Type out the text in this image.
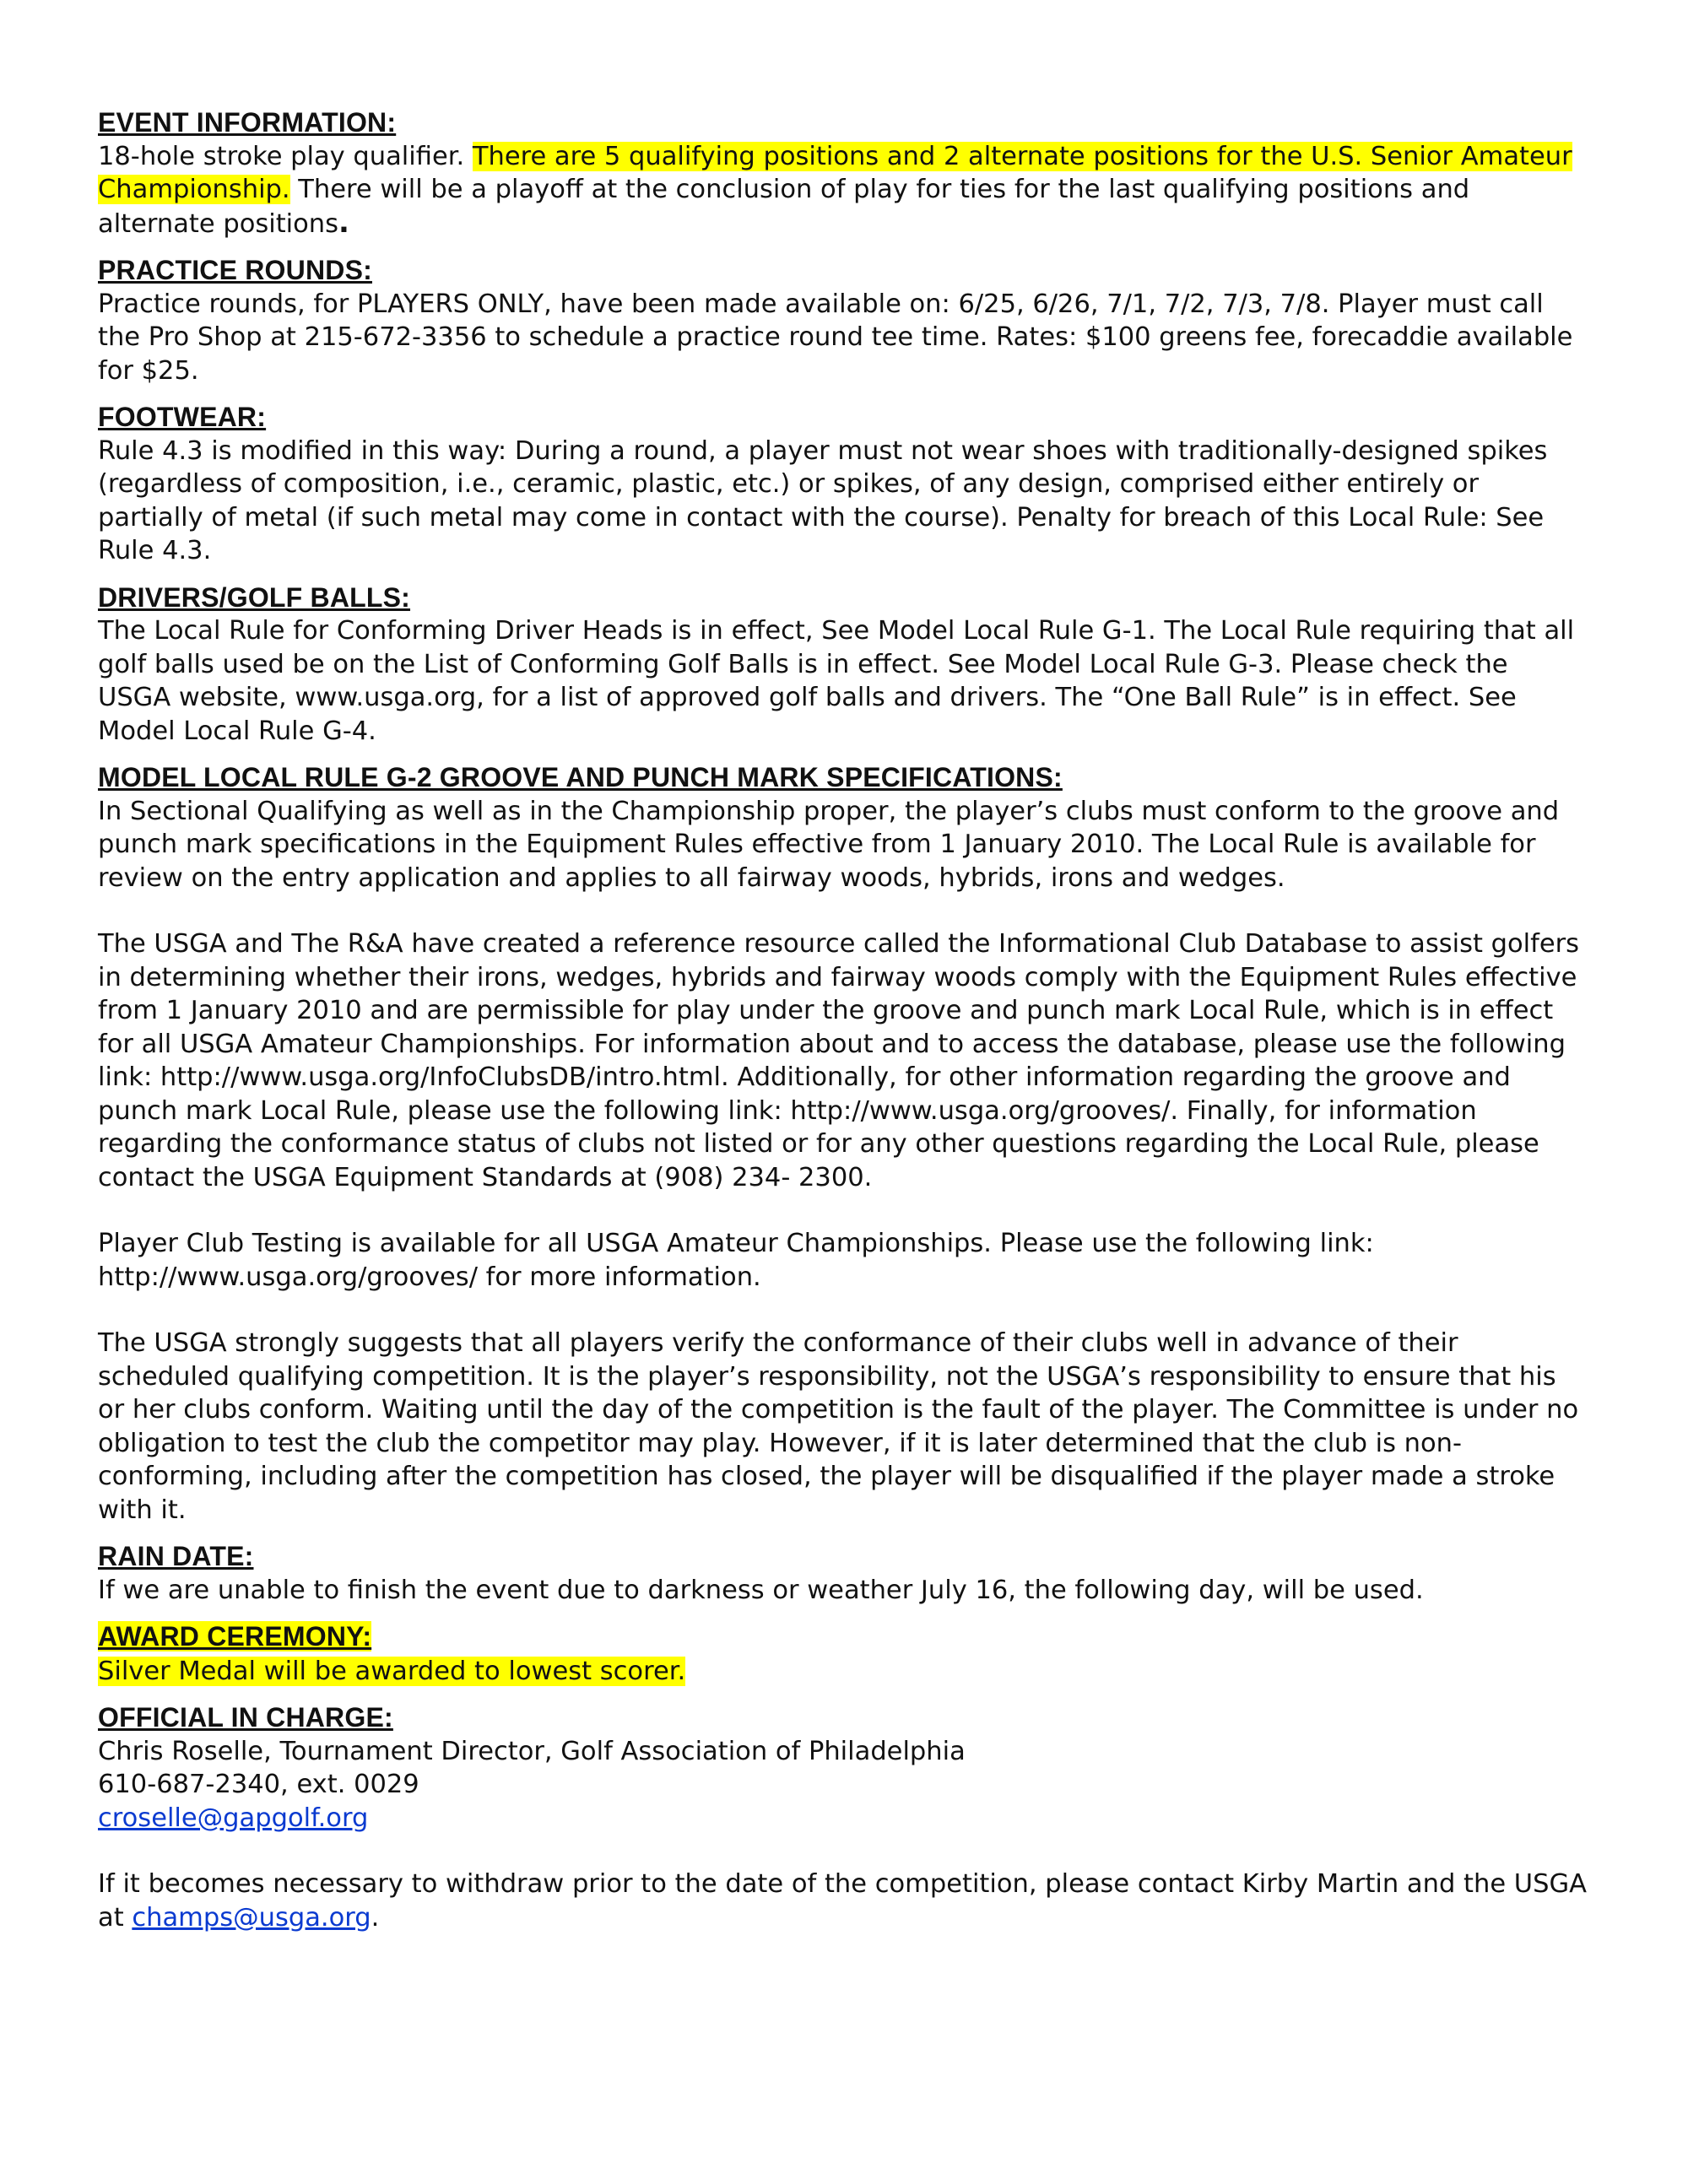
EVENT INFORMATION:

18-hole stroke play qualifier. There are 5 qualifying positions and 2 alternate positions for the U.S. Senior Amateur Championship. There will be a playoff at the conclusion of play for ties for the last qualifying positions and alternate positions.

PRACTICE ROUNDS:

Practice rounds, for PLAYERS ONLY, have been made available on: 6/25, 6/26, 7/1, 7/2, 7/3, 7/8. Player must call the Pro Shop at 215-672-3356 to schedule a practice round tee time. Rates: $100 greens fee, forecaddie available for $25.

FOOTWEAR:

Rule 4.3 is modified in this way: During a round, a player must not wear shoes with traditionally-designed spikes (regardless of composition, i.e., ceramic, plastic, etc.) or spikes, of any design, comprised either entirely or partially of metal (if such metal may come in contact with the course). Penalty for breach of this Local Rule: See Rule 4.3.

DRIVERS/GOLF BALLS:

The Local Rule for Conforming Driver Heads is in effect, See Model Local Rule G-1. The Local Rule requiring that all golf balls used be on the List of Conforming Golf Balls is in effect. See Model Local Rule G-3. Please check the USGA website, www.usga.org, for a list of approved golf balls and drivers. The “One Ball Rule” is in effect. See Model Local Rule G-4.

MODEL LOCAL RULE G-2 GROOVE AND PUNCH MARK SPECIFICATIONS:

In Sectional Qualifying as well as in the Championship proper, the player’s clubs must conform to the groove and punch mark specifications in the Equipment Rules effective from 1 January 2010. The Local Rule is available for review on the entry application and applies to all fairway woods, hybrids, irons and wedges.

The USGA and The R&A have created a reference resource called the Informational Club Database to assist golfers in determining whether their irons, wedges, hybrids and fairway woods comply with the Equipment Rules effective from 1 January 2010 and are permissible for play under the groove and punch mark Local Rule, which is in effect for all USGA Amateur Championships. For information about and to access the database, please use the following link: http://www.usga.org/InfoClubsDB/intro.html. Additionally, for other information regarding the groove and punch mark Local Rule, please use the following link: http://www.usga.org/grooves/. Finally, for information regarding the conformance status of clubs not listed or for any other questions regarding the Local Rule, please contact the USGA Equipment Standards at (908) 234- 2300.

Player Club Testing is available for all USGA Amateur Championships. Please use the following link: http://www.usga.org/grooves/ for more information.

The USGA strongly suggests that all players verify the conformance of their clubs well in advance of their scheduled qualifying competition. It is the player’s responsibility, not the USGA’s responsibility to ensure that his or her clubs conform. Waiting until the day of the competition is the fault of the player. The Committee is under no obligation to test the club the competitor may play. However, if it is later determined that the club is non-conforming, including after the competition has closed, the player will be disqualified if the player made a stroke with it.

RAIN DATE:

If we are unable to finish the event due to darkness or weather July 16, the following day, will be used.

AWARD CEREMONY:

Silver Medal will be awarded to lowest scorer.

OFFICIAL IN CHARGE:

Chris Roselle, Tournament Director, Golf Association of Philadelphia

610-687-2340, ext. 0029

croselle@gapgolf.org

If it becomes necessary to withdraw prior to the date of the competition, please contact Kirby Martin and the USGA at champs@usga.org.
